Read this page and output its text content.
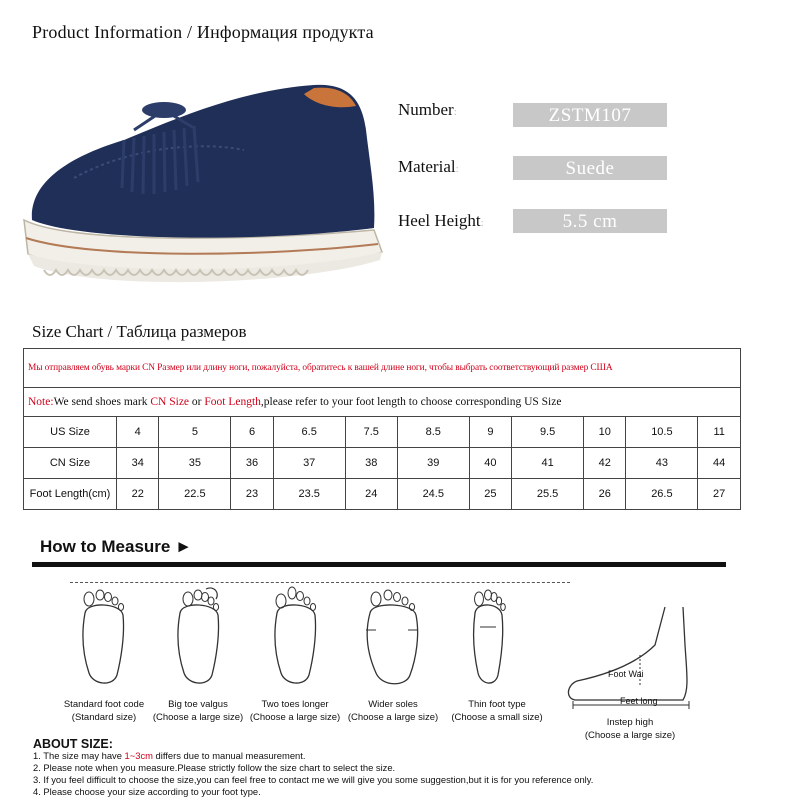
Product Information / Информация продукта
Number:	ZSTM107
Material:	Suede
Heel Height:	5.5 cm
Size Chart / Таблица размеров
Мы отправляем обувь марки CN Размер или длину ноги, пожалуйста, обратитесь к вашей длине ноги, чтобы выбрать соответствующий размер США											
Note:We send shoes mark CN Size or Foot Length,please refer to your foot length to choose corresponding US Size											
US Size	4	5	6	6.5	7.5	8.5	9	9.5	10	10.5	11
CN Size	34	35	36	37	38	39	40	41	42	43	44
Foot Length(cm)	22	22.5	23	23.5	24	24.5	25	25.5	26	26.5	27
How to Measure ►
Foot Wai
Feet long
Standard foot code
(Standard size)
Big toe valgus
(Choose a large size)
Two toes longer
(Choose a large size)
Wider soles
(Choose a large size)
Thin foot type
(Choose a small size)	Instep high
(Choose a large size)
ABOUT SIZE:
1. The size may have 1~3cm differs due to manual measurement.
2. Please note when you measure.Please strictly follow the size chart to select the size.
3. If you feel difficult to choose the size,you can feel free to contact me we will give you some suggestion,but it is for you reference only.
4. Please choose your size according to your foot type.
